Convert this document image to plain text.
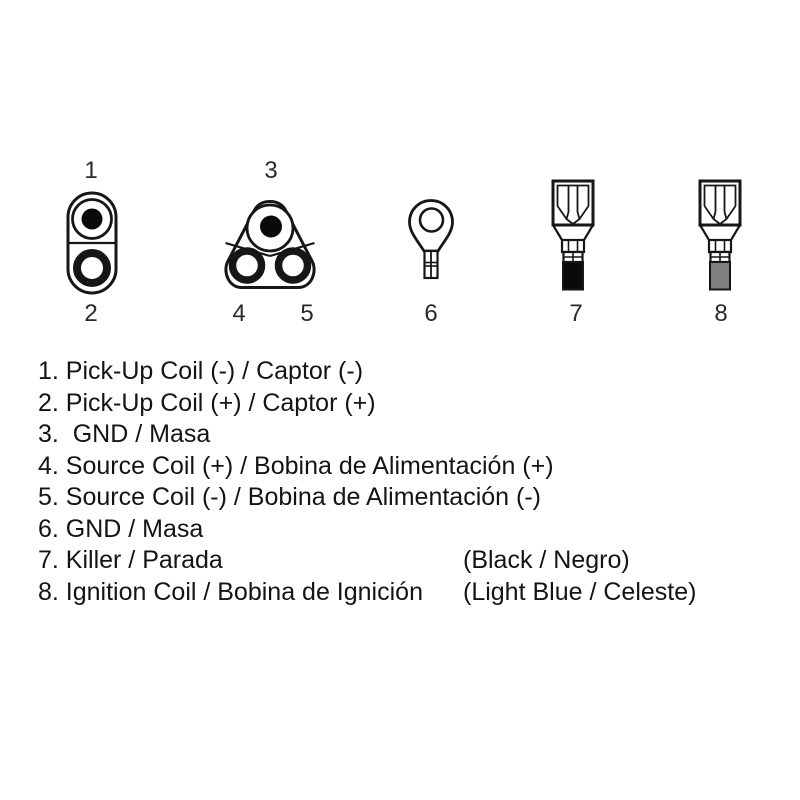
1
2
3
4	5	6	7	8
1. Pick-Up Coil (-) / Captor (-)
2. Pick-Up Coil (+) / Captor (+)
3.  GND / Masa
4. Source Coil (+) / Bobina de Alimentación (+)
5. Source Coil (-) / Bobina de Alimentación (-)
6. GND / Masa
7. Killer / Parada	(Black / Negro)
8. Ignition Coil / Bobina de Ignición (Light Blue / Celeste)
